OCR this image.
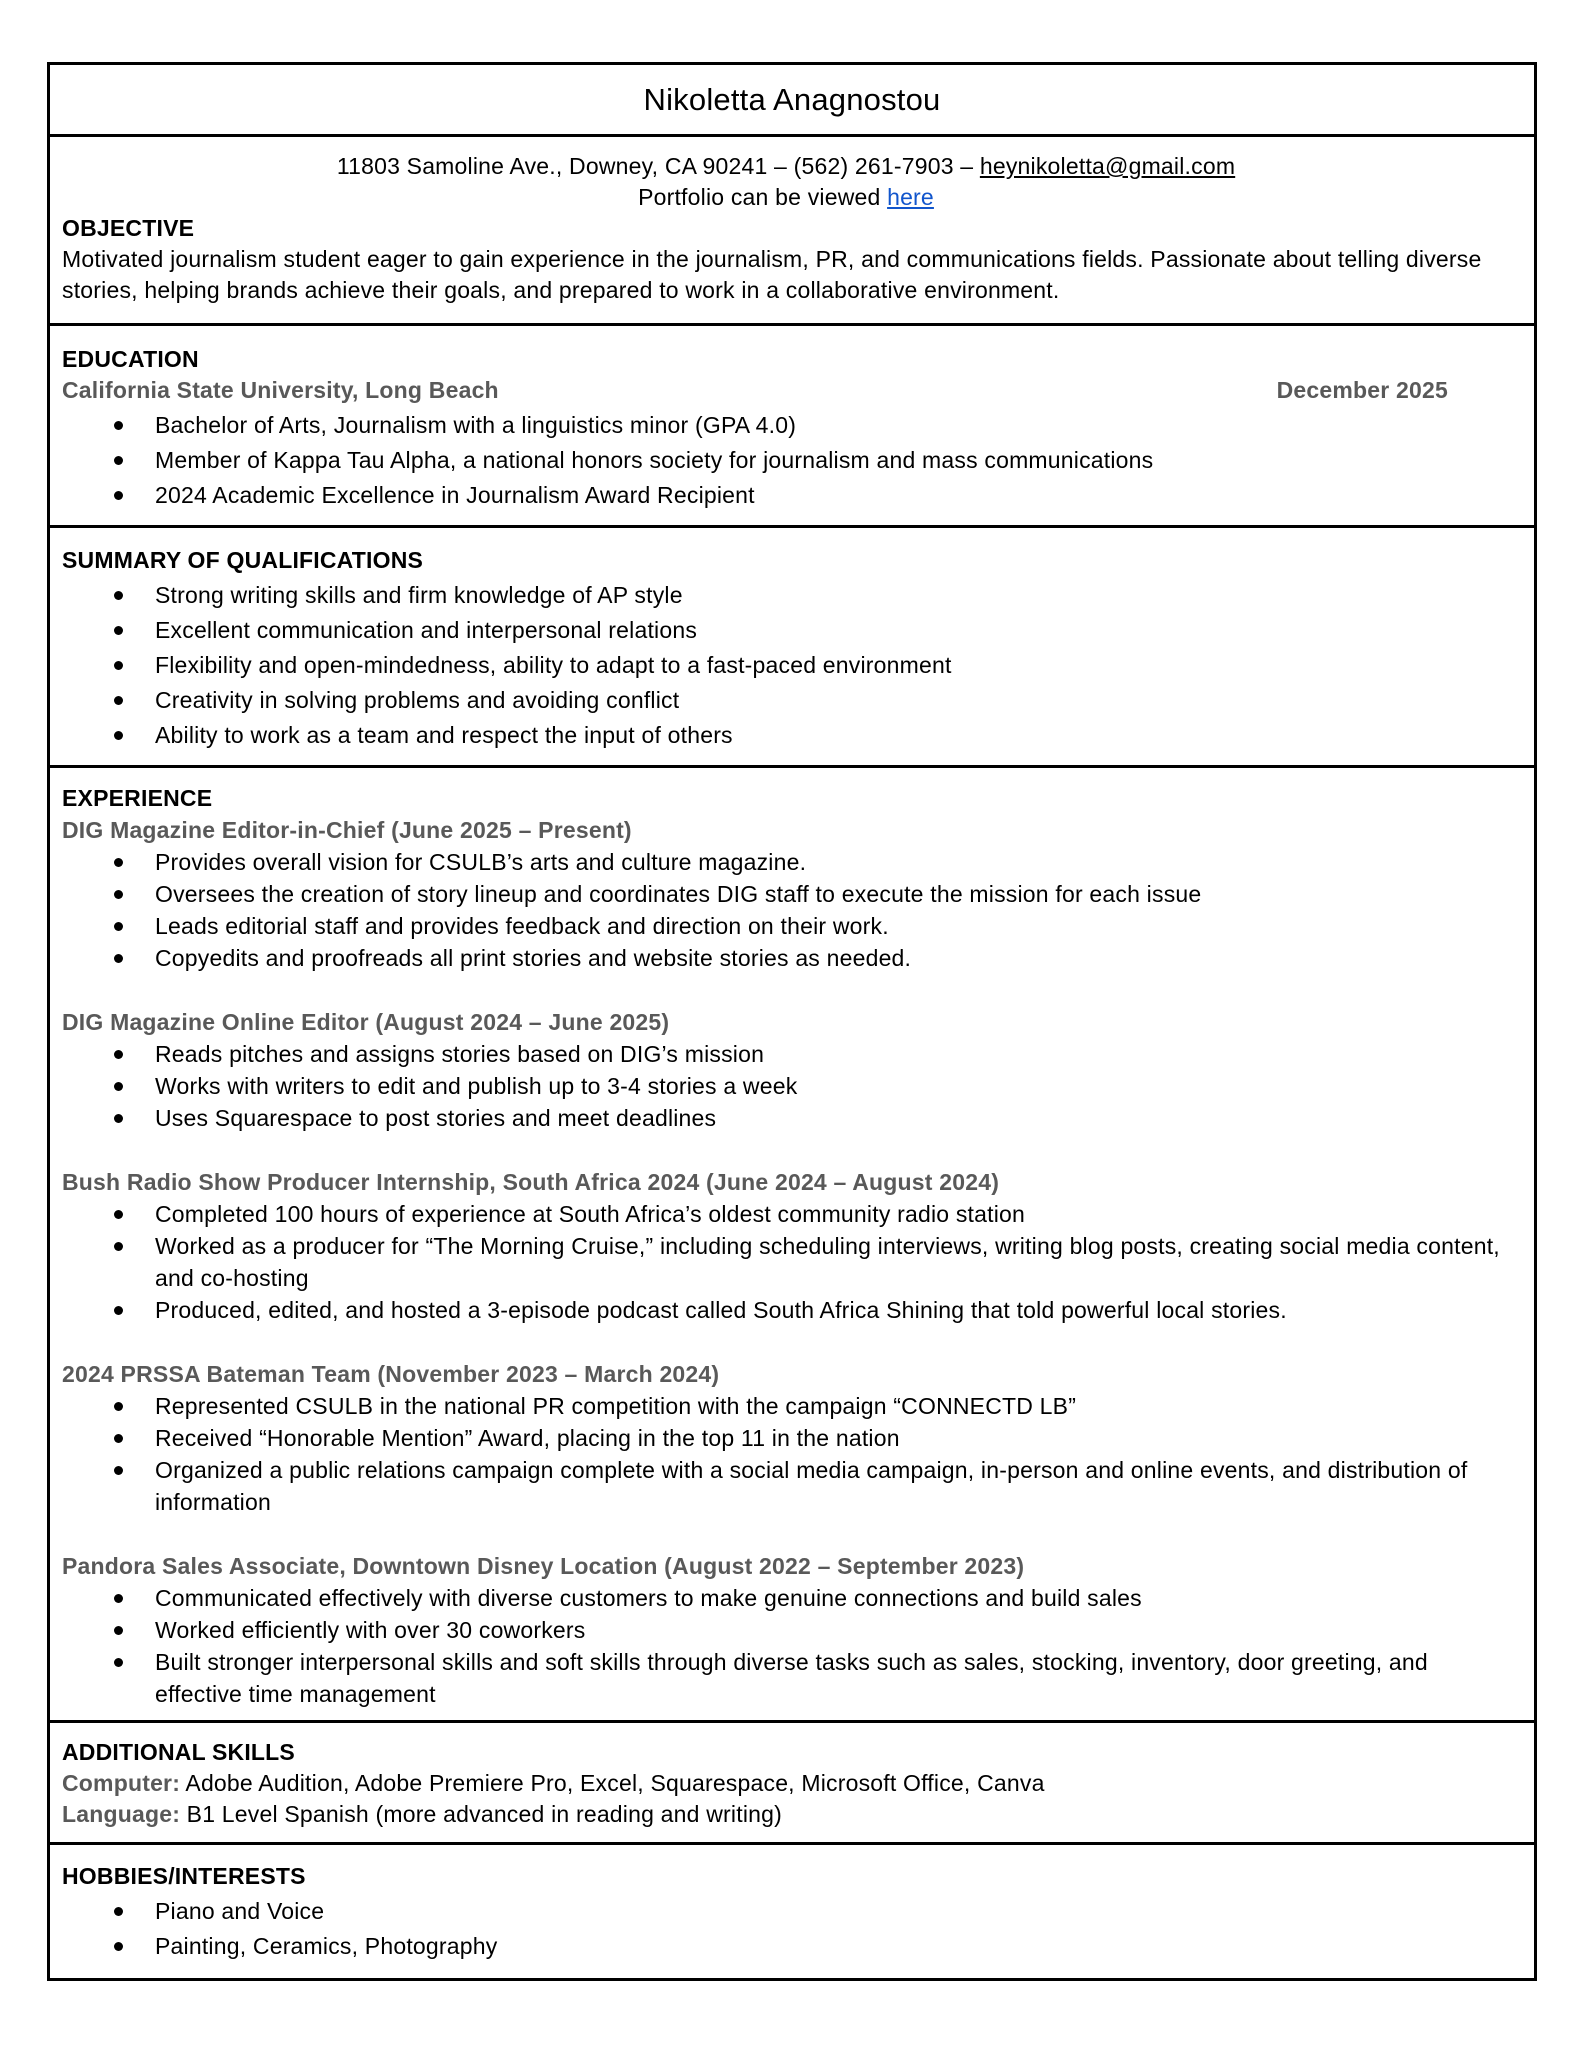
Nikoletta Anagnostou
11803 Samoline Ave., Downey, CA 90241 – (562) 261-7903 – heynikoletta@gmail.com
Portfolio can be viewed here
OBJECTIVE

Motivated journalism student eager to gain experience in the journalism, PR, and communications fields. Passionate about telling diverse stories, helping brands achieve their goals, and prepared to work in a collaborative environment.

EDUCATION
California State University, Long Beach	December 2025
Bachelor of Arts, Journalism with a linguistics minor (GPA 4.0)
Member of Kappa Tau Alpha, a national honors society for journalism and mass communications
2024 Academic Excellence in Journalism Award Recipient
SUMMARY OF QUALIFICATIONS
Strong writing skills and firm knowledge of AP style
Excellent communication and interpersonal relations
Flexibility and open-mindedness, ability to adapt to a fast-paced environment
Creativity in solving problems and avoiding conflict
Ability to work as a team and respect the input of others
EXPERIENCE
DIG Magazine Editor-in-Chief (June 2025 – Present)
Provides overall vision for CSULB’s arts and culture magazine.
Oversees the creation of story lineup and coordinates DIG staff to execute the mission for each issue
Leads editorial staff and provides feedback and direction on their work.
Copyedits and proofreads all print stories and website stories as needed.
DIG Magazine Online Editor (August 2024 – June 2025)
Reads pitches and assigns stories based on DIG’s mission
Works with writers to edit and publish up to 3-4 stories a week
Uses Squarespace to post stories and meet deadlines
Bush Radio Show Producer Internship, South Africa 2024 (June 2024 – August 2024)
Completed 100 hours of experience at South Africa’s oldest community radio station
Worked as a producer for “The Morning Cruise,” including scheduling interviews, writing blog posts, creating social media content, and co-hosting
Produced, edited, and hosted a 3-episode podcast called South Africa Shining that told powerful local stories.
2024 PRSSA Bateman Team (November 2023 – March 2024)
Represented CSULB in the national PR competition with the campaign “CONNECTD LB”
Received “Honorable Mention” Award, placing in the top 11 in the nation
Organized a public relations campaign complete with a social media campaign, in-person and online events, and distribution of information
Pandora Sales Associate, Downtown Disney Location (August 2022 – September 2023)
Communicated effectively with diverse customers to make genuine connections and build sales
Worked efficiently with over 30 coworkers
Built stronger interpersonal skills and soft skills through diverse tasks such as sales, stocking, inventory, door greeting, and effective time management
ADDITIONAL SKILLS
Computer: Adobe Audition, Adobe Premiere Pro, Excel, Squarespace, Microsoft Office, Canva
Language: B1 Level Spanish (more advanced in reading and writing)
HOBBIES/INTERESTS
Piano and Voice
Painting, Ceramics, Photography
